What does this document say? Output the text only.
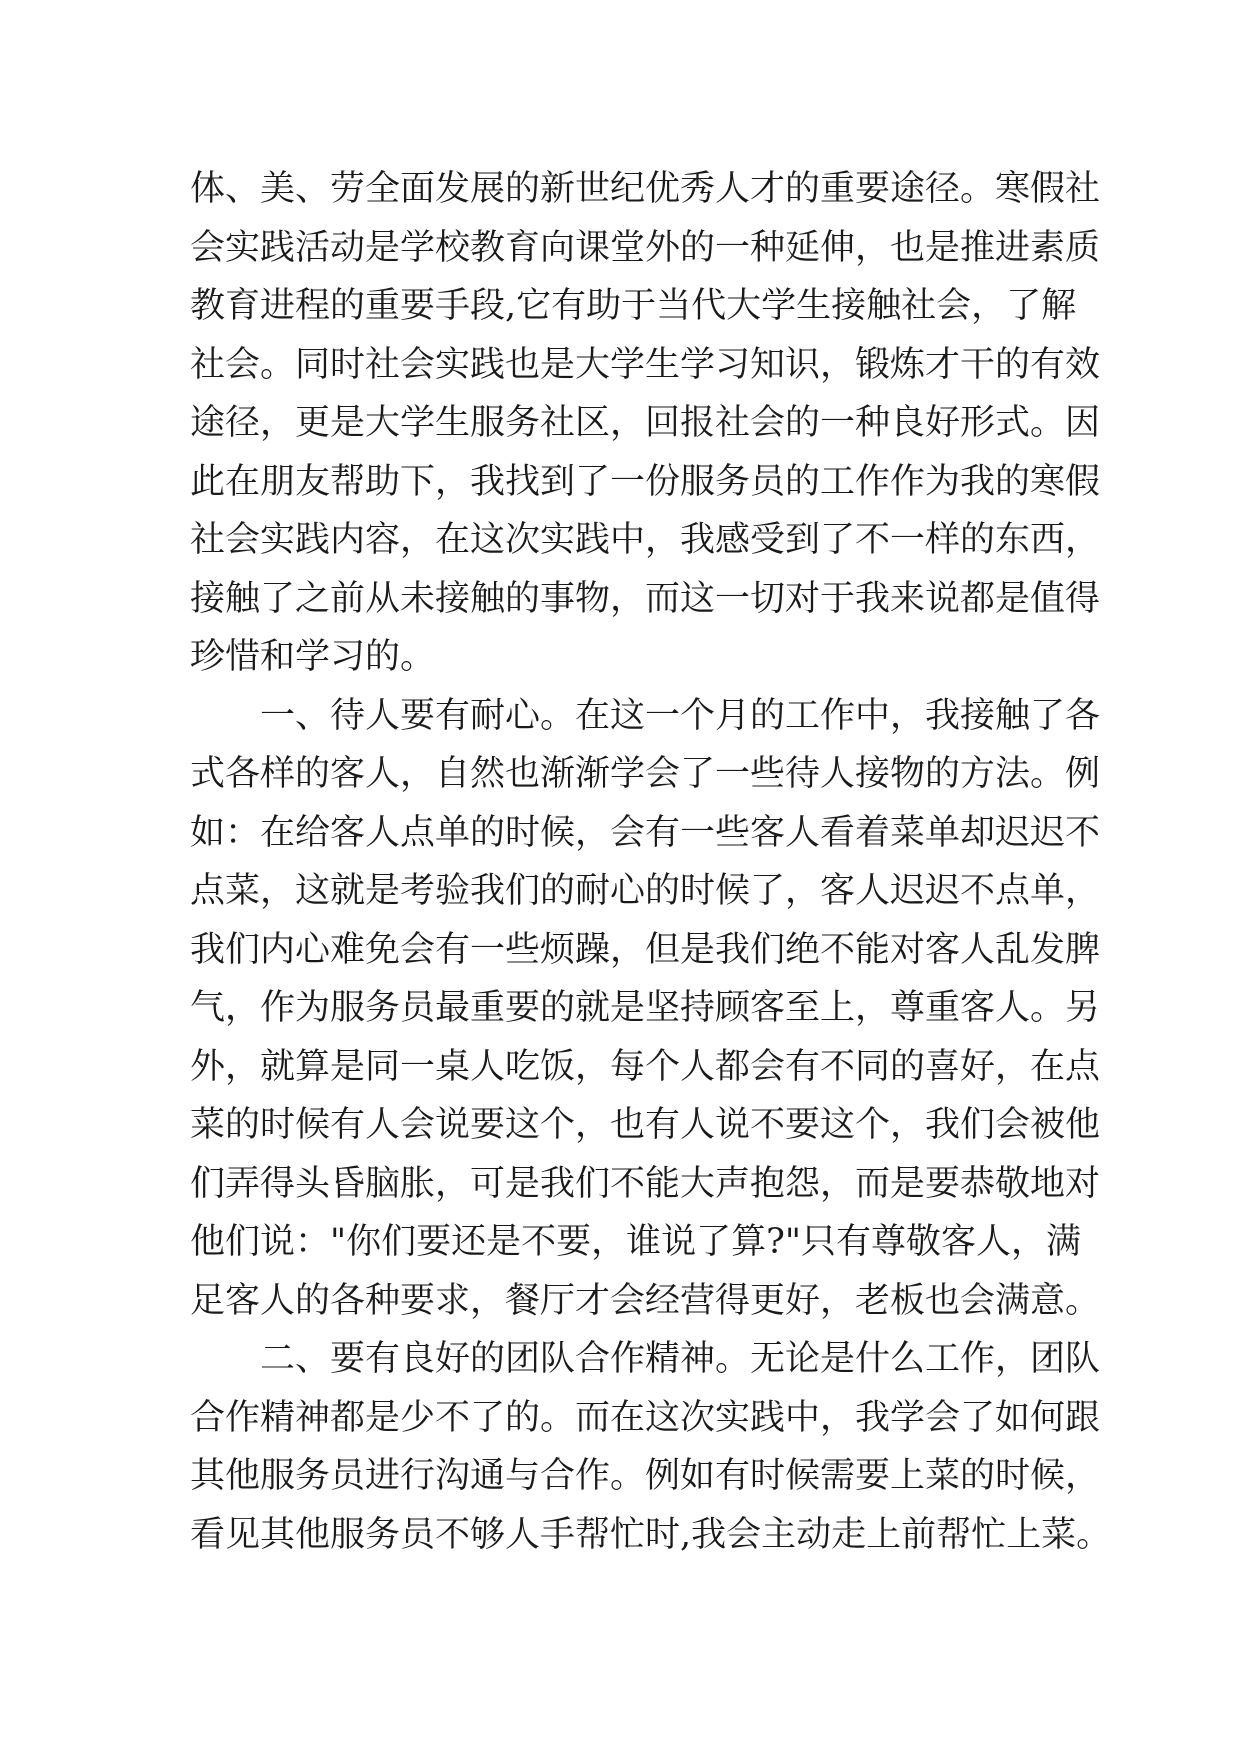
体、美、劳全面发展的新世纪优秀人才的重要途径。寒假社
会实践活动是学校教育向课堂外的一种延伸，也是推进素质
教育进程的重要手段,它有助于当代大学生接触社会，了解
社会。同时社会实践也是大学生学习知识，锻炼才干的有效
途径，更是大学生服务社区，回报社会的一种良好形式。因
此在朋友帮助下，我找到了一份服务员的工作作为我的寒假
社会实践内容，在这次实践中，我感受到了不一样的东西，
接触了之前从未接触的事物，而这一切对于我来说都是值得
珍惜和学习的。
一、待人要有耐心。在这一个月的工作中，我接触了各
式各样的客人，自然也渐渐学会了一些待人接物的方法。例
如：在给客人点单的时候，会有一些客人看着菜单却迟迟不
点菜，这就是考验我们的耐心的时候了，客人迟迟不点单，
我们内心难免会有一些烦躁，但是我们绝不能对客人乱发脾
气，作为服务员最重要的就是坚持顾客至上，尊重客人。另
外，就算是同一桌人吃饭，每个人都会有不同的喜好，在点
菜的时候有人会说要这个，也有人说不要这个，我们会被他
们弄得头昏脑胀，可是我们不能大声抱怨，而是要恭敬地对
他们说："你们要还是不要，谁说了算?"只有尊敬客人，满
足客人的各种要求，餐厅才会经营得更好，老板也会满意。
二、要有良好的团队合作精神。无论是什么工作，团队
合作精神都是少不了的。而在这次实践中，我学会了如何跟
其他服务员进行沟通与合作。例如有时候需要上菜的时候，
看见其他服务员不够人手帮忙时,我会主动走上前帮忙上菜。
